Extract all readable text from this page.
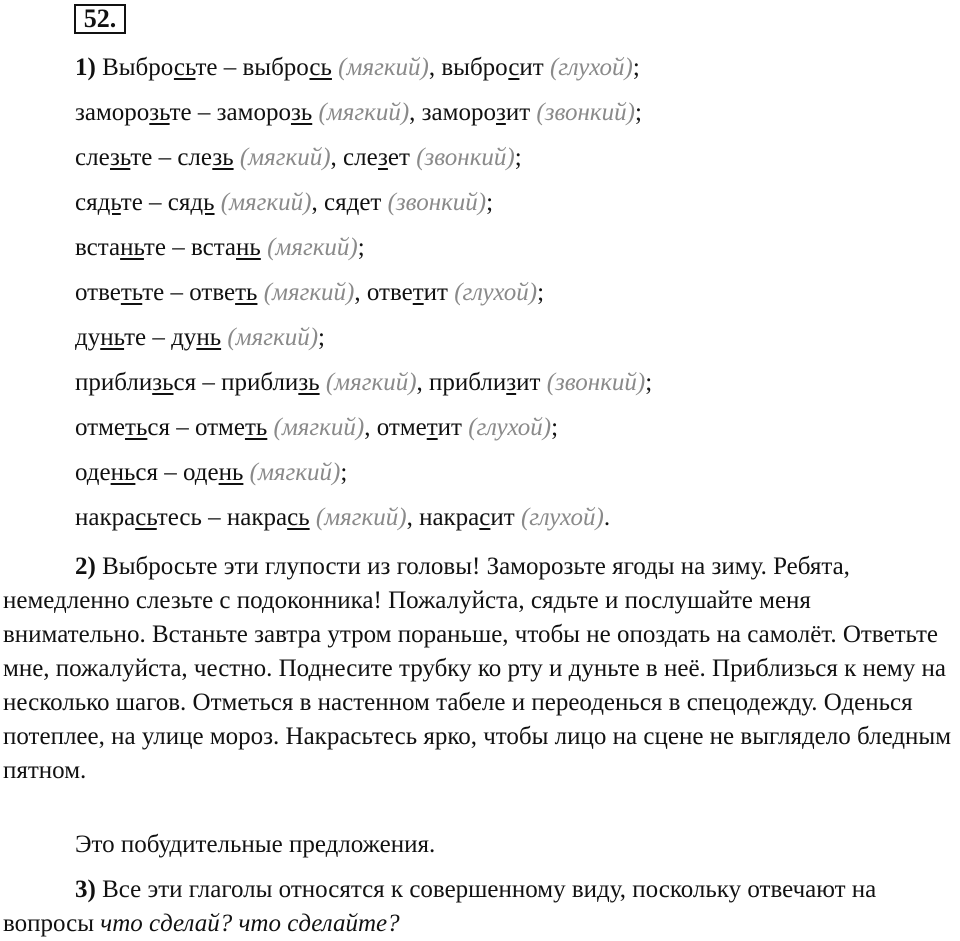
52.
1) Выбросьте – выбрось (мягкий), выбросит (глухой);
заморозьте – заморозь (мягкий), заморозит (звонкий);
слезьте – слезь (мягкий), слезет (звонкий);
сядьте – сядь (мягкий), сядет (звонкий);
встаньте – встань (мягкий);
ответьте – ответь (мягкий), ответит (глухой);
дуньте – дунь (мягкий);
приблизься – приблизь (мягкий), приблизит (звонкий);
отметься – отметь (мягкий), отметит (глухой);
оденься – одень (мягкий);
накрасьтесь – накрась (мягкий), накрасит (глухой).

2) Выбросьте эти глупости из головы! Заморозьте ягоды на зиму. Ребята, немедленно слезьте с подоконника! Пожалуйста, сядьте и послушайте меня внимательно. Встаньте завтра утром пораньше, чтобы не опоздать на самолёт. Ответьте мне, пожалуйста, честно. Поднесите трубку ко рту и дуньте в неё. Приблизься к нему на несколько шагов. Отметься в настенном табеле и переоденься в спецодежду. Оденься потеплее, на улице мороз. Накрасьтесь ярко, чтобы лицо на сцене не выглядело бледным пятном.

Это побудительные предложения.

3) Все эти глаголы относятся к совершенному виду, поскольку отвечают на вопросы что сделай? что сделайте?
